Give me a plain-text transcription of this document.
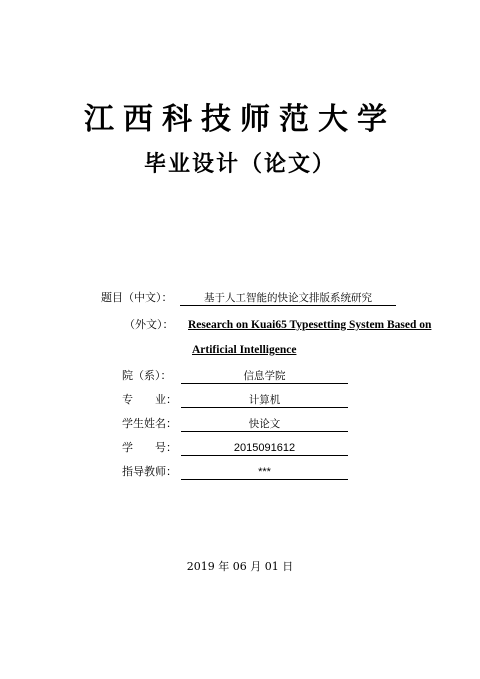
江西科技师范大学
毕业设计（论文）
题目（中文）：	基于人工智能的快论文排版系统研究
（外文）： Research on Kuai65 Typesetting System Based on
Artificial Intelligence
院（系）：	信息学院
专　　业：	计算机
学生姓名：	快论文
学　　号：	2015091612
指导教师：	***
2019 年 06 月 01 日
